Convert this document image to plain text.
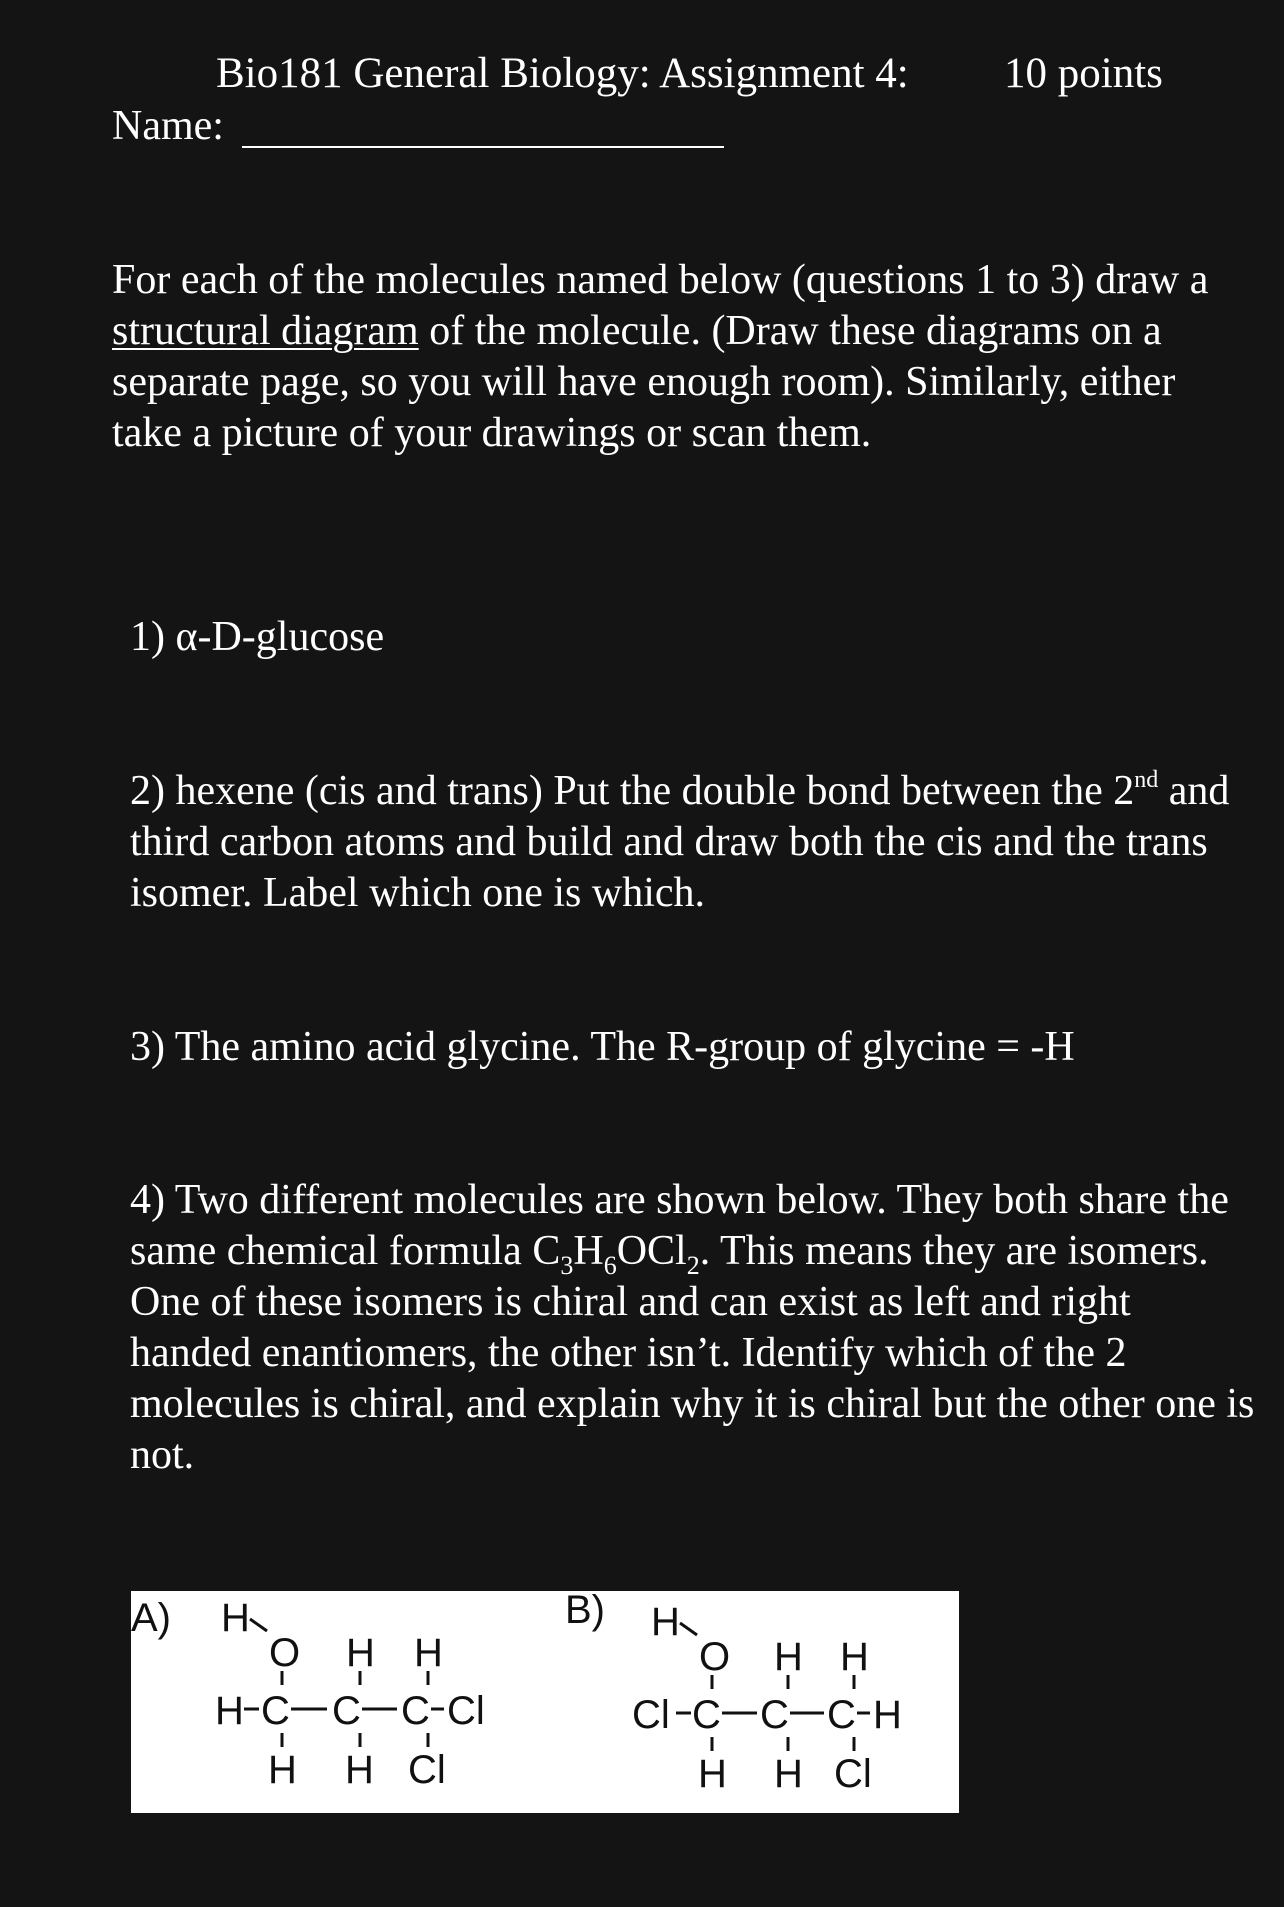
Bio181 General Biology: Assignment 4: 10 points
Name:

For each of the molecules named below (questions 1 to 3) draw a structural diagram of the molecule. (Draw these diagrams on a separate page, so you will have enough room). Similarly, either take a picture of your drawings or scan them.

1) α-D-glucose

2) hexene (cis and trans) Put the double bond between the 2nd and third carbon atoms and build and draw both the cis and the trans isomer. Label which one is which.

3) The amino acid glycine. The R-group of glycine = -H

4) Two different molecules are shown below. They both share the same chemical formula $C_3H_6OCl_2$. This means they are isomers. One of these isomers is chiral and can exist as left and right handed enantiomers, the other isn’t. Identify which of the 2 molecules is chiral, and explain why it is chiral but the other one is not.

A) H
O H H
H C C C Cl
H H Cl
B) H
O H H
Cl C C C H
H H Cl
